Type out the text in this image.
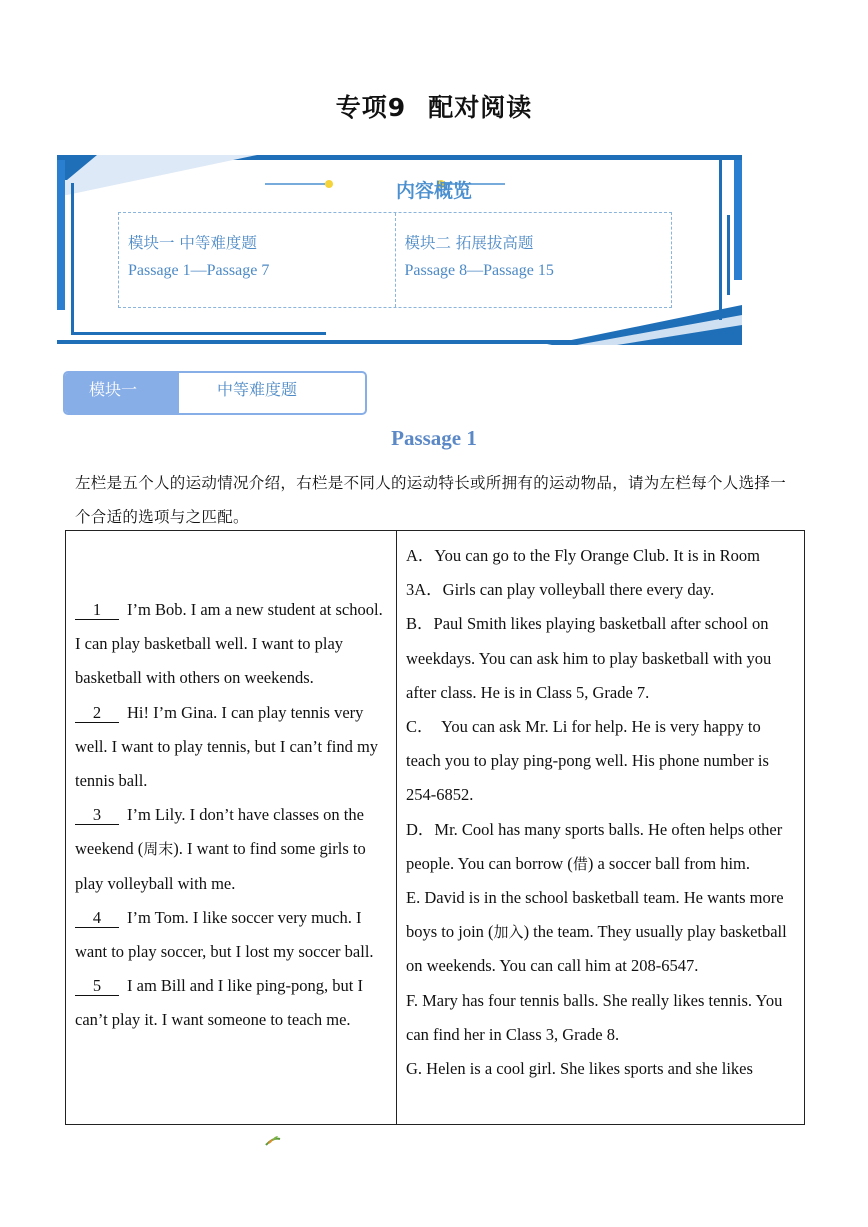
专项9 配对阅读
内容概览
模块一 中等难度题
Passage 1—Passage 7
模块二 拓展拔高题
Passage 8—Passage 15
模块一	中等难度题
Passage 1
左栏是五个人的运动情况介绍，右栏是不同人的运动特长或所拥有的运动物品，请为左栏每个人选择一个合适的选项与之匹配。

1 I’m Bob. I am a new student at school. I can play basketball well. I want to play basketball with others on weekends.

2 Hi! I’m Gina. I can play tennis very well. I want to play tennis, but I can’t find my tennis ball.

3 I’m Lily. I don’t have classes on the weekend (周末). I want to find some girls to play volleyball with me.

4 I’m Tom. I like soccer very much. I want to play soccer, but I lost my soccer ball.

5 I am Bill and I like ping-pong, but I can’t play it. I want someone to teach me.

A．You can go to the Fly Orange Club. It is in Room 3A．Girls can play volleyball there every day.

B．Paul Smith likes playing basketball after school on weekdays. You can ask him to play basketball with you after class. He is in Class 5, Grade 7.

C．  You can ask Mr. Li for help. He is very happy to teach you to play ping-pong well. His phone number is 254-6852.

D．Mr. Cool has many sports balls. He often helps other people. You can borrow (借) a soccer ball from him.

E. David is in the school basketball team. He wants more boys to join (加入) the team. They usually play basketball on weekends. You can call him at 208-6547.

F. Mary has four tennis balls. She really likes tennis. You can find her in Class 3, Grade 8.

G. Helen is a cool girl. She likes sports and she likes
